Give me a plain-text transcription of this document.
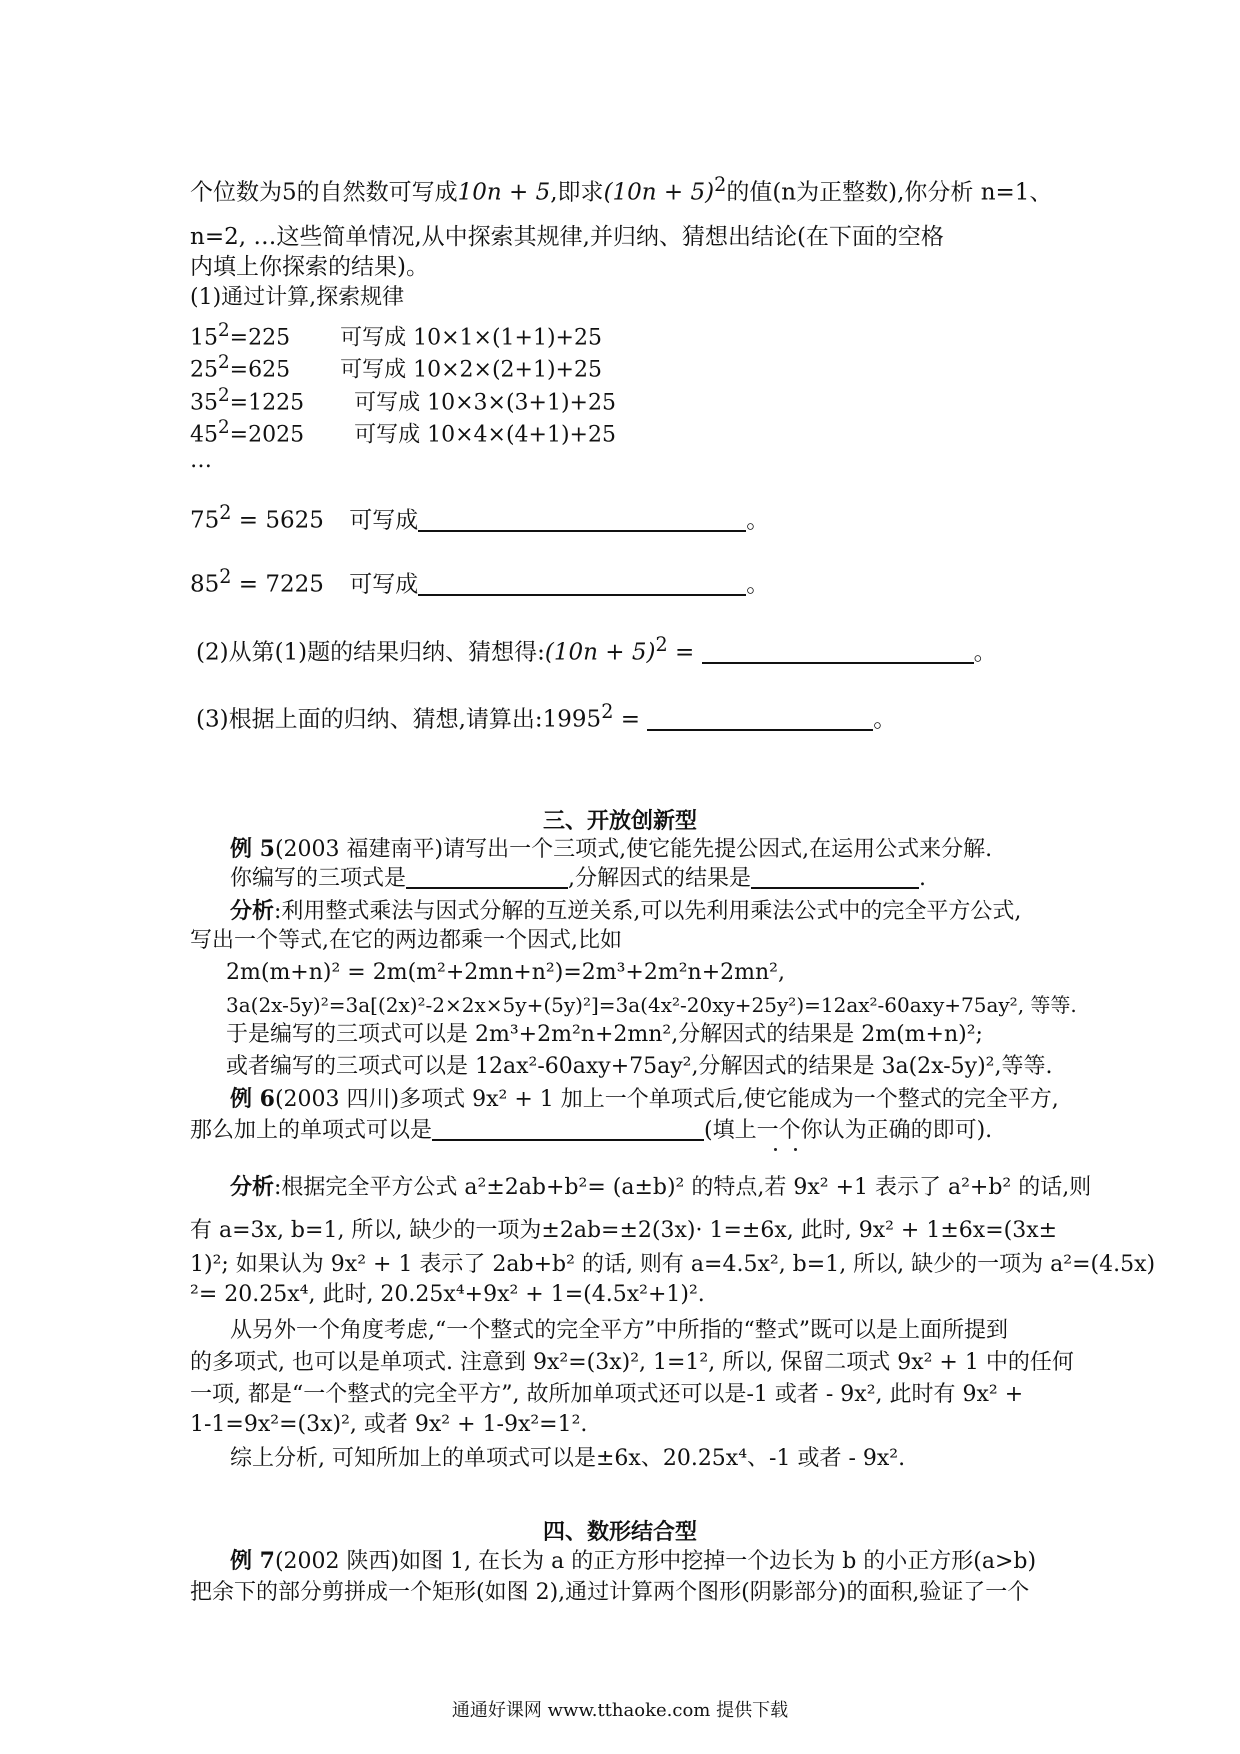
个位数为5的自然数可写成10n + 5,即求$(10n + 5)^2$的值(n为正整数),你分析 n=1、
n=2, …这些简单情况,从中探索其规律,并归纳、猜想出结论(在下面的空格
内填上你探索的结果)。
(1)通过计算,探索规律
$15^2=225$ 可写成 10×1×(1+1)+25
$25^2=625$ 可写成 10×2×(2+1)+25
$35^2=1225$ 可写成 10×3×(3+1)+25
$45^2=2025$ 可写成 10×4×(4+1)+25
…
$75^2 = 5625$ 可写成	。
$85^2 = 7225$ 可写成	。
(2)从第(1)题的结果归纳、猜想得:(10n + 5)$^2$ =	。
(3)根据上面的归纳、猜想,请算出$:1995^2$ =	。
三、开放创新型
例 5(2003 福建南平)请写出一个三项式,使它能先提公因式,在运用公式来分解.
你编写的三项式是	,分解因式的结果是	.
分析:利用整式乘法与因式分解的互逆关系,可以先利用乘法公式中的完全平方公式,
写出一个等式,在它的两边都乘一个因式,比如
2m(m+n)² = 2m(m²+2mn+n²)=2m³+2m²n+2mn²,
3a(2x-5y)²=3a[(2x)²-2×2x×5y+(5y)²]=3a(4x²-20xy+25y²)=12ax²-60axy+75ay², 等等.
于是编写的三项式可以是 2m³+2m²n+2mn²,分解因式的结果是 2m(m+n)²;
或者编写的三项式可以是 12ax²-60axy+75ay²,分解因式的结果是 3a(2x-5y)²,等等.
例 6(2003 四川)多项式 9x² + 1 加上一个单项式后,使它能成为一个整式的完全平方,
那么加上的单项式可以是	(填上一个你认为正确的即可).
分析:根据完全平方公式 a²±2ab+b²= (a±b)² 的特点,若 9x² +1 表示了 a²+b² 的话,则
有 a=3x, b=1, 所以, 缺少的一项为±2ab=±2(3x)· 1=±6x, 此时, 9x² + 1±6x=(3x±
1)²; 如果认为 9x² + 1 表示了 2ab+b² 的话, 则有 a=4.5x², b=1, 所以, 缺少的一项为 a²=(4.5x)
²= 20.25x⁴, 此时, 20.25x⁴+9x² + 1=(4.5x²+1)².
从另外一个角度考虑,“一个整式的完全平方”中所指的“整式”既可以是上面所提到
的多项式, 也可以是单项式. 注意到 9x²=(3x)², 1=1², 所以, 保留二项式 9x² + 1 中的任何
一项, 都是“一个整式的完全平方”, 故所加单项式还可以是-1 或者 - 9x², 此时有 9x² +
1-1=9x²=(3x)², 或者 9x² + 1-9x²=1².
综上分析, 可知所加上的单项式可以是±6x、20.25x⁴、-1 或者 - 9x².
四、数形结合型
例 7(2002 陕西)如图 1, 在长为 a 的正方形中挖掉一个边长为 b 的小正方形(a>b)
把余下的部分剪拼成一个矩形(如图 2),通过计算两个图形(阴影部分)的面积,验证了一个
通通好课网 www.tthaoke.com 提供下载
